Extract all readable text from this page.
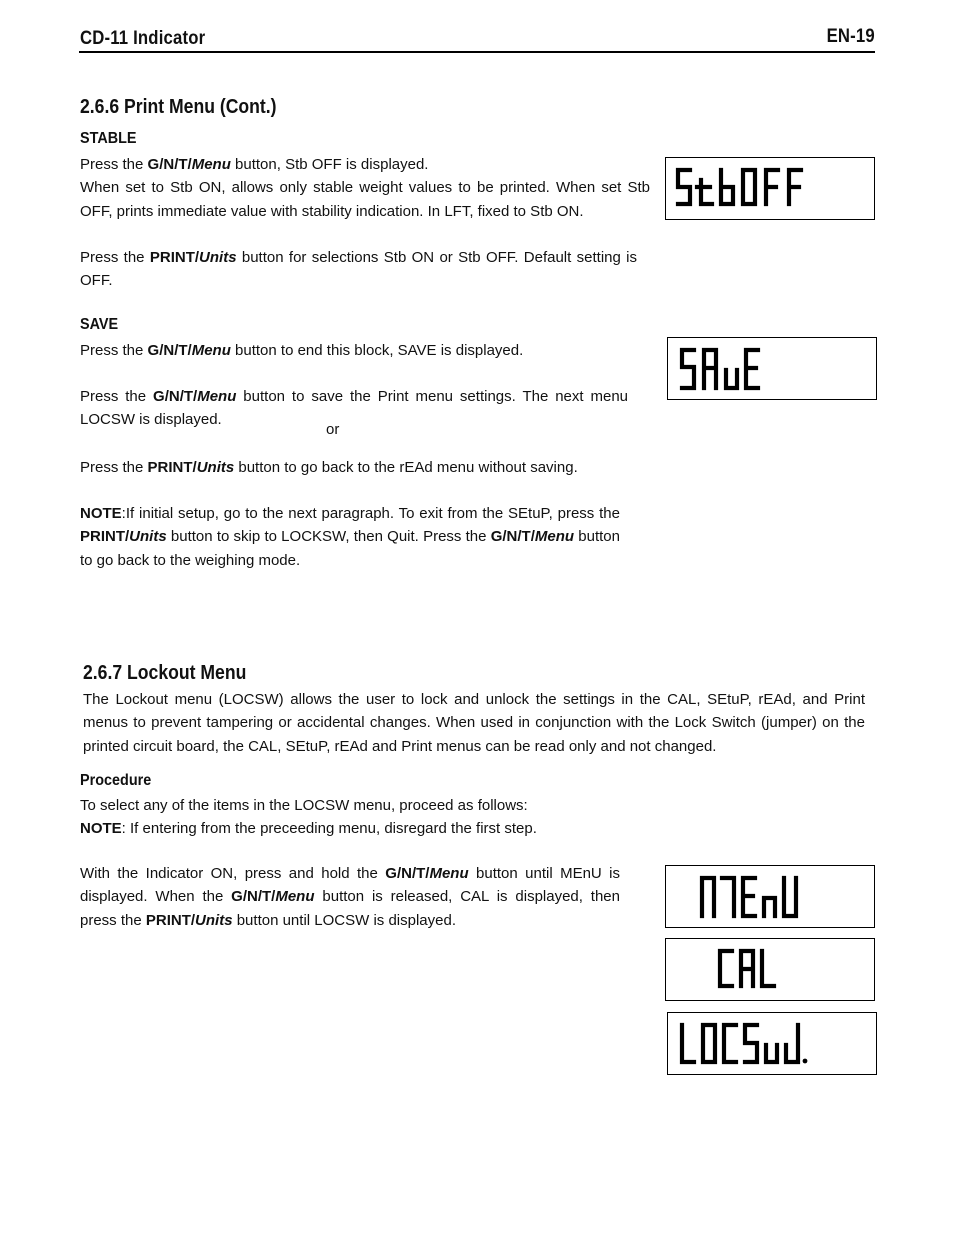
CD-11 Indicator	EN-19
2.6.6 Print Menu (Cont.)
STABLE
Press the G/N/T/Menu button, Stb OFF is displayed.
When set to Stb ON, allows only stable weight values to be printed. When set Stb OFF, prints immediate value with stability indication. In LFT, fixed to Stb ON.
Press the PRINT/Units button for selections Stb ON or Stb OFF. Default setting is OFF.
SAVE
Press the G/N/T/Menu button to end this block, SAVE is displayed.
Press the G/N/T/Menu button to save the Print menu settings. The next menu LOCSW is displayed.
or
Press the PRINT/Units button to go back to the rEAd menu without saving.
NOTE:If initial setup, go to the next paragraph. To exit from the SEtuP, press the PRINT/Units button to skip to LOCKSW, then Quit. Press the G/N/T/Menu button to go back to the weighing mode.
2.6.7 Lockout Menu
The Lockout menu (LOCSW) allows the user to lock and unlock the settings in the CAL, SEtuP, rEAd, and Print menus to prevent tampering or accidental changes. When used in conjunction with the Lock Switch (jumper) on the printed circuit board, the CAL, SEtuP, rEAd and Print menus can be read only and not changed.
Procedure
To select any of the items in the LOCSW menu, proceed as follows:
NOTE: If entering from the preceeding menu, disregard the first step.
With the Indicator ON, press and hold the G/N/T/Menu button until MEnU is displayed. When the G/N/T/Menu button is released, CAL is displayed, then press the PRINT/Units button until LOCSW is displayed.
